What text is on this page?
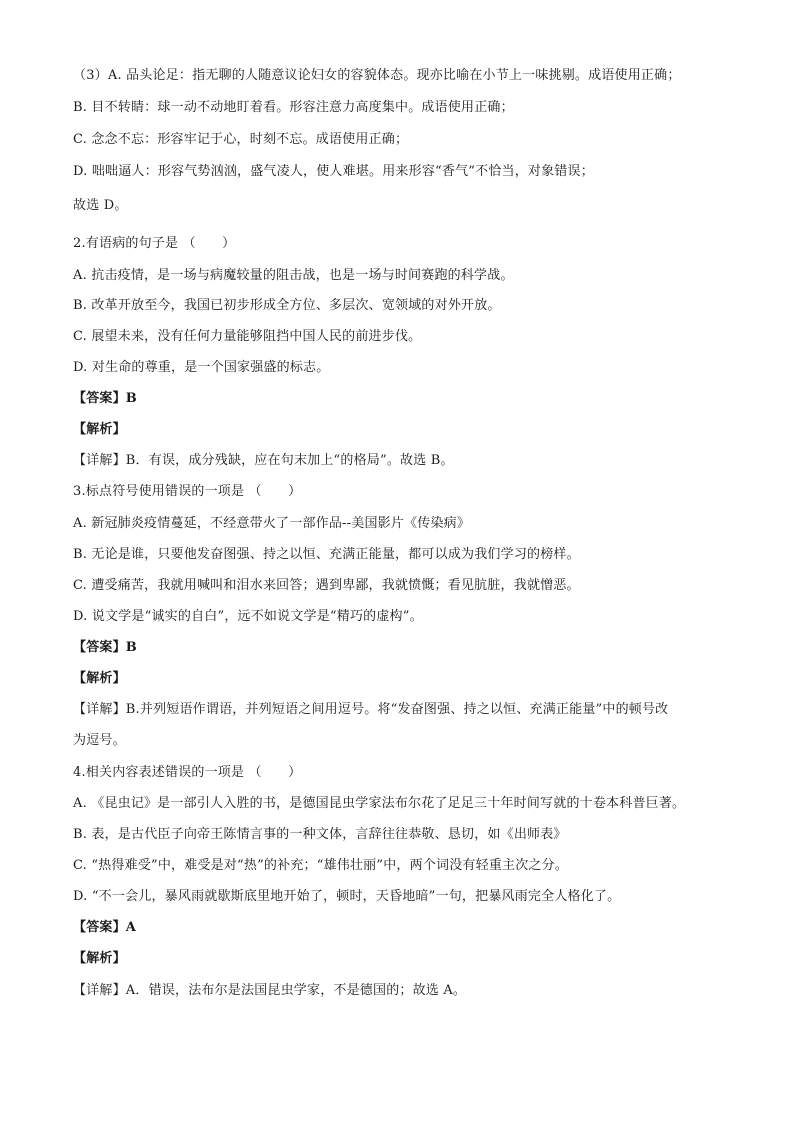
（3）A. 品头论足：指无聊的人随意议论妇女的容貌体态。现亦比喻在小节上一味挑剔。成语使用正确；
B. 目不转睛：球一动不动地盯着看。形容注意力高度集中。成语使用正确；
C. 念念不忘：形容牢记于心，时刻不忘。成语使用正确；
D. 咄咄逼人：形容气势汹汹，盛气凌人，使人难堪。用来形容“香气”不恰当，对象错误；
故选 D。
2.有语病的句子是 （　　）
A. 抗击疫情，是一场与病魔较量的阻击战，也是一场与时间赛跑的科学战。
B. 改革开放至今，我国已初步形成全方位、多层次、宽领域的对外开放。
C. 展望未来，没有任何力量能够阻挡中国人民的前进步伐。
D. 对生命的尊重，是一个国家强盛的标志。
【答案】B
【解析】
【详解】B．有误，成分残缺，应在句末加上“的格局”。故选 B。
3.标点符号使用错误的一项是 （　　）
A. 新冠肺炎疫情蔓延，不经意带火了一部作品--美国影片《传染病》
B. 无论是谁，只要他发奋图强、持之以恒、充满正能量，都可以成为我们学习的榜样。
C. 遭受痛苦，我就用喊叫和泪水来回答；遇到卑鄙，我就愤慨；看见肮脏，我就憎恶。
D. 说文学是“诚实的自白”，远不如说文学是“精巧的虚构”。
【答案】B
【解析】
【详解】B.并列短语作谓语，并列短语之间用逗号。将“发奋图强、持之以恒、充满正能量”中的顿号改
为逗号。
4.相关内容表述错误的一项是 （　　）
A. 《昆虫记》是一部引人入胜的书，是德国昆虫学家法布尔花了足足三十年时间写就的十卷本科普巨著。
B. 表，是古代臣子向帝王陈情言事的一种文体，言辞往往恭敬、恳切，如《出师表》
C. “热得难受”中，难受是对“热”的补充；“雄伟壮丽”中，两个词没有轻重主次之分。
D. “不一会儿，暴风雨就歇斯底里地开始了，顿时，天昏地暗”一句，把暴风雨完全人格化了。
【答案】A
【解析】
【详解】A．错误，法布尔是法国昆虫学家，不是德国的；故选 A。
